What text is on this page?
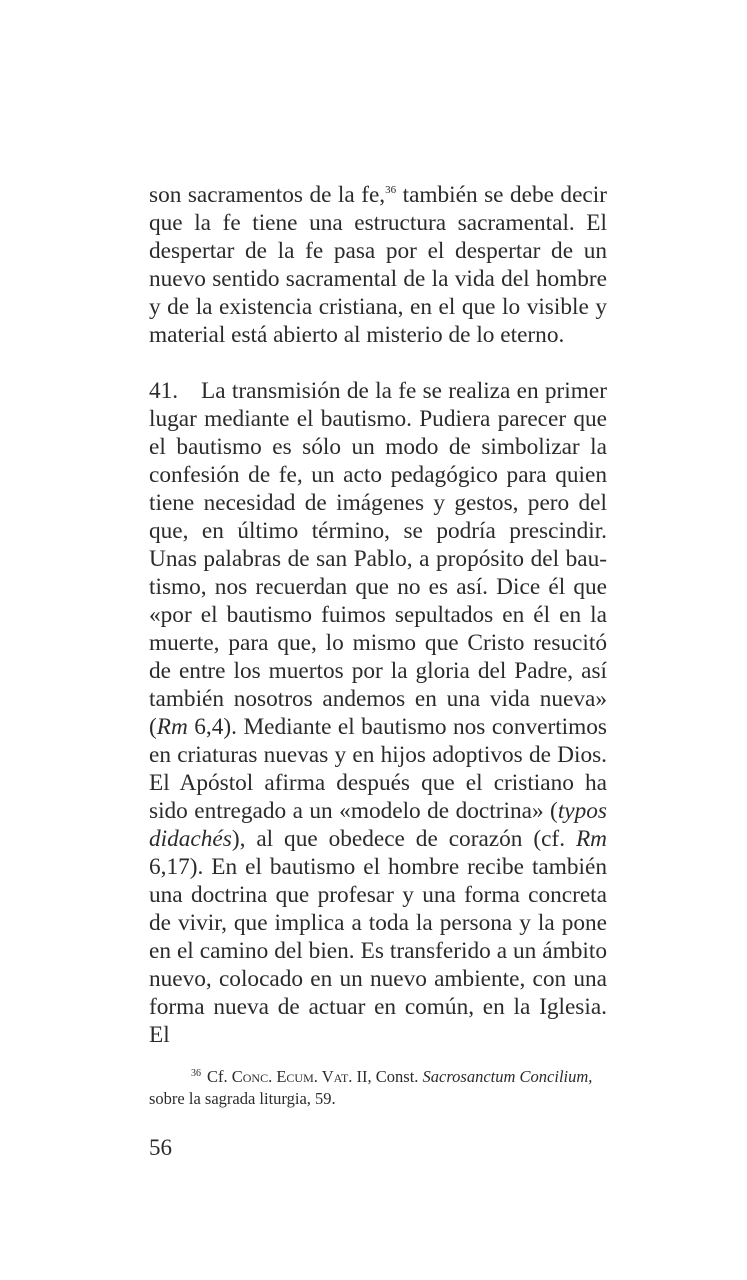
son sacramentos de la fe,$^{36}$ también se debe decir que la fe tiene una estructura sacramental. El despertar de la fe pasa por el despertar de un nuevo sentido sacramental de la vida del hombre y de la existencia cristiana, en el que lo visible y material está abierto al misterio de lo eterno.

41. La transmisión de la fe se realiza en primer lugar mediante el bautismo. Pudiera parecer que el bautismo es sólo un modo de simbolizar la confesión de fe, un acto pedagógico para quien tiene necesidad de imágenes y gestos, pero del que, en último término, se podría prescindir. Unas palabras de san Pablo, a propósito del bautismo, nos recuerdan que no es así. Dice él que «por el bautismo fuimos sepultados en él en la muerte, para que, lo mismo que Cristo resucitó de entre los muertos por la gloria del Padre, así también nosotros andemos en una vida nueva» (Rm 6,4). Mediante el bautismo nos convertimos en criaturas nuevas y en hijos adoptivos de Dios. El Apóstol afirma después que el cristiano ha sido entregado a un «modelo de doctrina» (typos didachés), al que obedece de corazón (cf. Rm 6,17). En el bautismo el hombre recibe también una doctrina que profesar y una forma concreta de vivir, que implica a toda la persona y la pone en el camino del bien. Es transferido a un ámbito nuevo, colocado en un nuevo ambiente, con una forma nueva de actuar en común, en la Iglesia. El

$^{36}$ Cf. Conc. Ecum. Vat. II, Const. Sacrosanctum Concilium, sobre la sagrada liturgia, 59.

56
